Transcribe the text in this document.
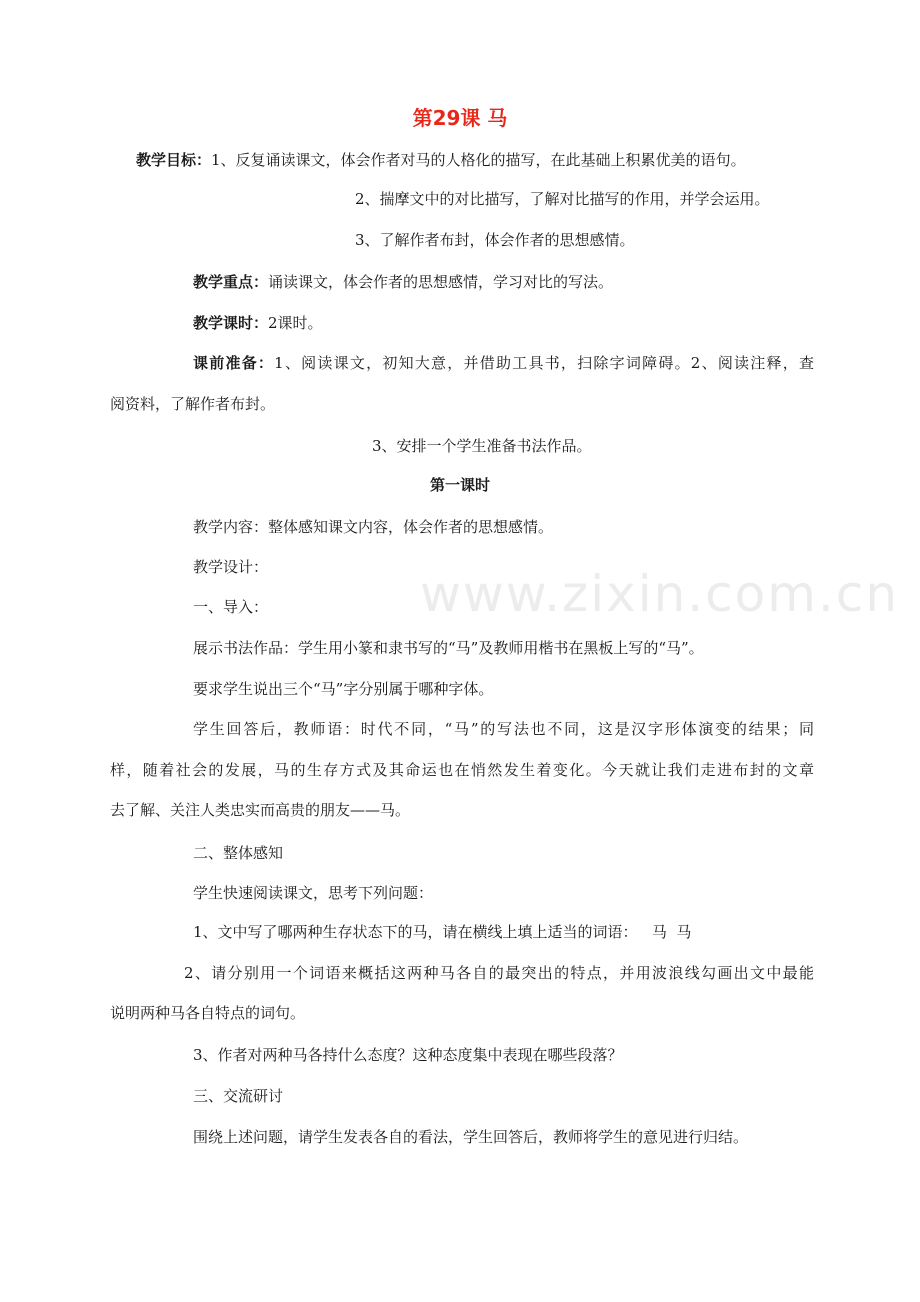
www.zixin.com.cn
第29课 马
教学目标：1、反复诵读课文，体会作者对马的人格化的描写，在此基础上积累优美的语句。
2、揣摩文中的对比描写，了解对比描写的作用，并学会运用。
3、了解作者布封，体会作者的思想感情。
教学重点：诵读课文，体会作者的思想感情，学习对比的写法。
教学课时：2课时。
课前准备：1、阅读课文，初知大意，并借助工具书，扫除字词障碍。2、阅读注释，查
阅资料，了解作者布封。
3、安排一个学生准备书法作品。
第一课时
教学内容：整体感知课文内容，体会作者的思想感情。
教学设计：
一、导入：
展示书法作品：学生用小篆和隶书写的“马”及教师用楷书在黑板上写的“马”。
要求学生说出三个“马”字分别属于哪种字体。
学生回答后，教师语：时代不同，“马”的写法也不同，这是汉字形体演变的结果；同
样，随着社会的发展，马的生存方式及其命运也在悄然发生着变化。今天就让我们走进布封的文章
去了解、关注人类忠实而高贵的朋友——马。
二、整体感知
学生快速阅读课文，思考下列问题：
1、文中写了哪两种生存状态下的马，请在横线上填上适当的词语：   马  马
2、请分别用一个词语来概括这两种马各自的最突出的特点，并用波浪线勾画出文中最能
说明两种马各自特点的词句。
3、作者对两种马各持什么态度？这种态度集中表现在哪些段落？
三、交流研讨
围绕上述问题，请学生发表各自的看法，学生回答后，教师将学生的意见进行归结。
